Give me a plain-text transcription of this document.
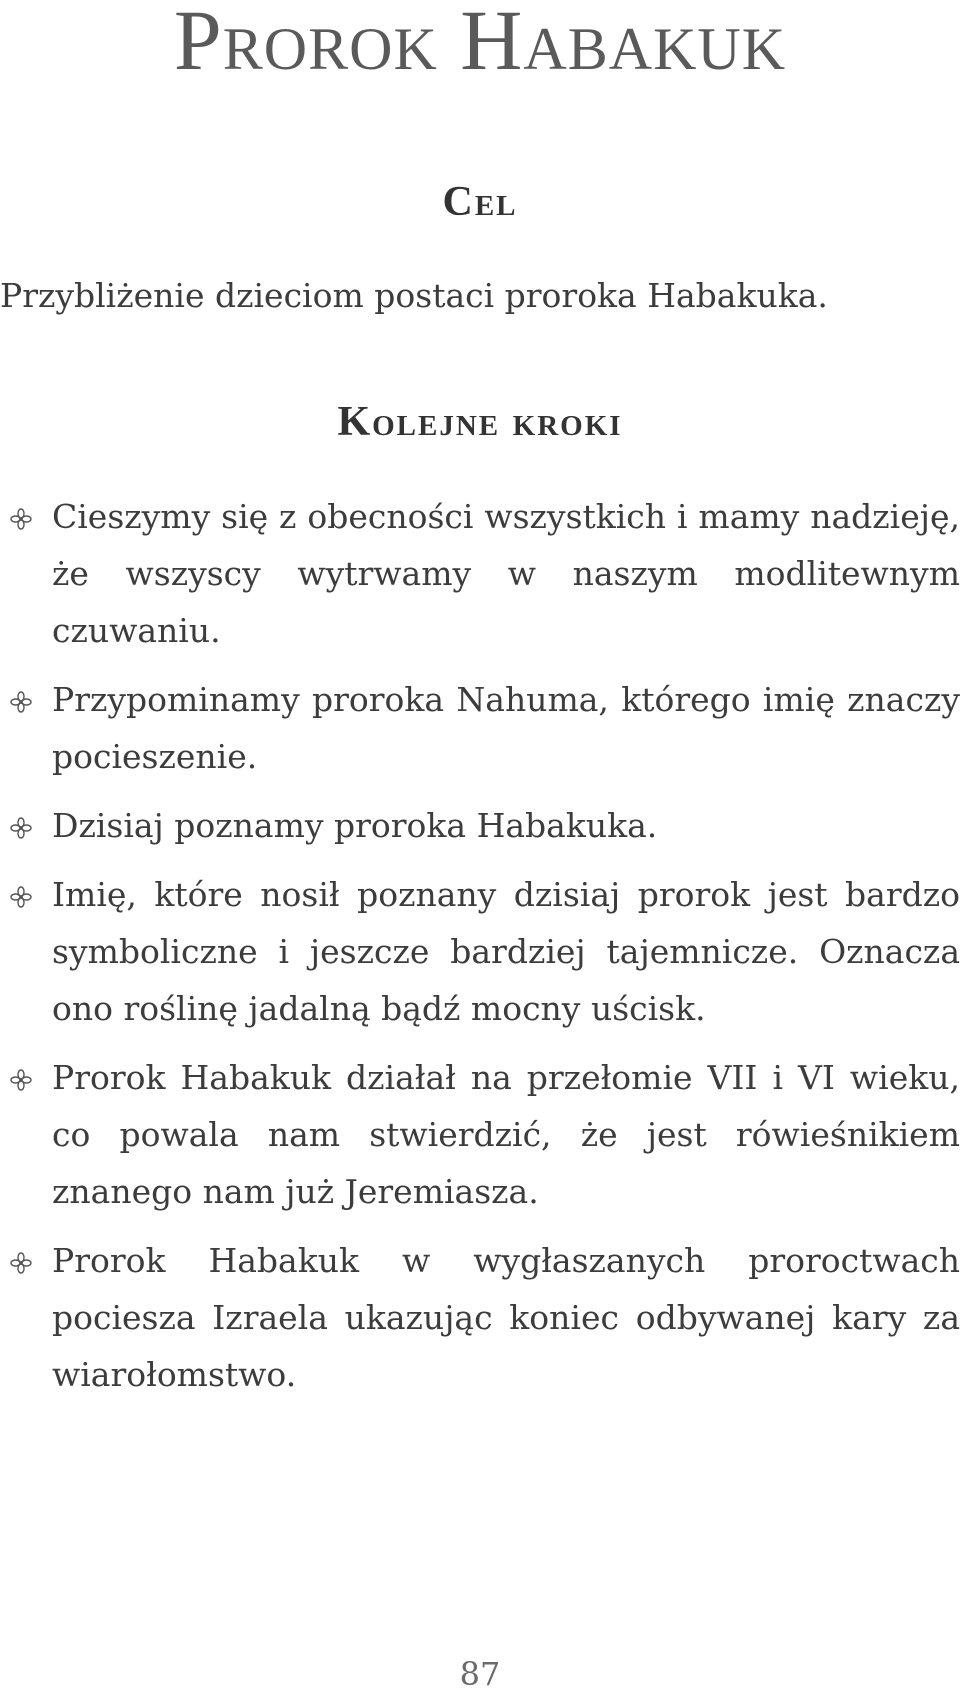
Prorok Habakuk
Cel

Przybliżenie dzieciom postaci proroka Habakuka.

Kolejne kroki
Cieszymy się z obecności wszystkich i mamy nadzieję, że wszyscy wytrwamy w naszym modlitewnym czuwaniu.
Przypominamy proroka Nahuma, którego imię znaczy pocieszenie.
Dzisiaj poznamy proroka Habakuka.
Imię, które nosił poznany dzisiaj prorok jest bardzo symboliczne i jeszcze bardziej tajemnicze. Oznacza ono roślinę jadalną bądź mocny uścisk.
Prorok Habakuk działał na przełomie VII i VI wieku, co powala nam stwierdzić, że jest rówieśnikiem znanego nam już Jeremiasza.
Prorok Habakuk w wygłaszanych proroctwach pociesza Izraela ukazując koniec odbywanej kary za wiarołomstwo.
87
